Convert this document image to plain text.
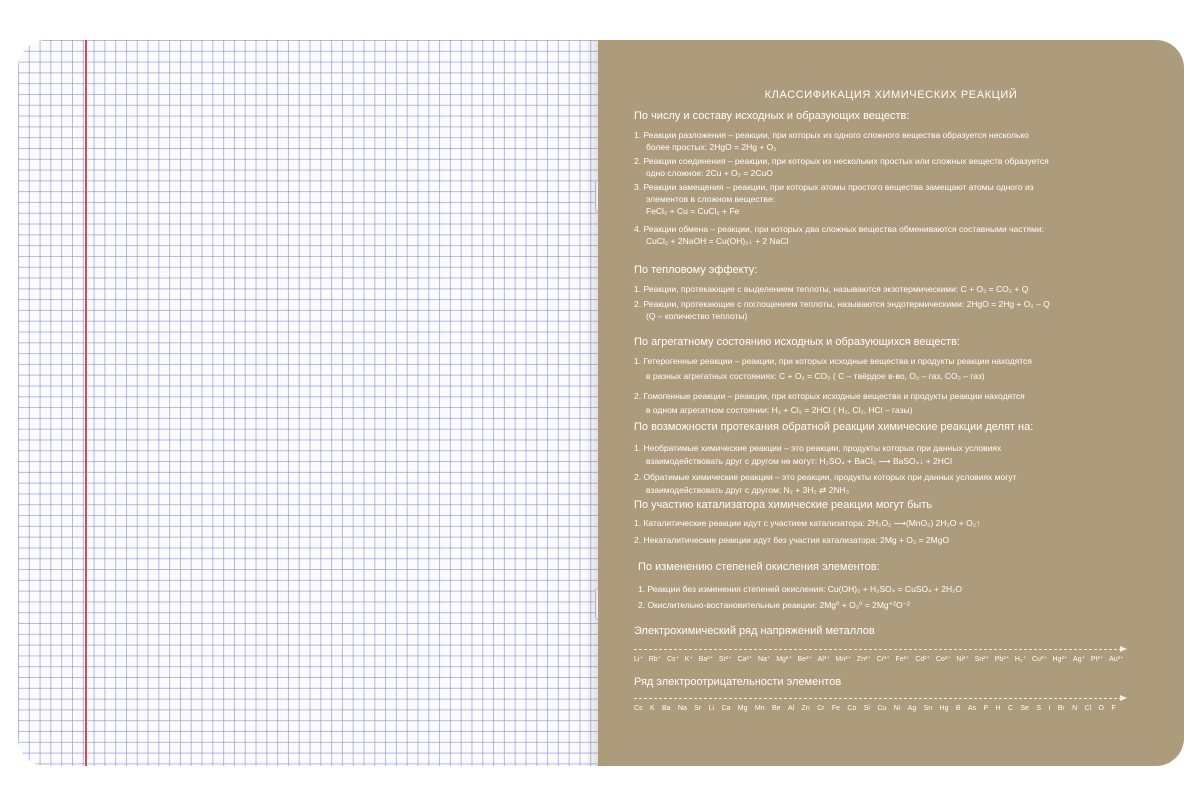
КЛАССИФИКАЦИЯ ХИМИЧЕСКИХ РЕАКЦИЙ
По числу и составу исходных и образующих веществ:
1. Реакции разложения – реакции, при которых из одного сложного вещества образуется несколько
более простых: 2HgO = 2Hg + O₂
2. Реакции соединения – реакции, при которых из нескольких простых или сложных веществ образуется
одно сложное: 2Cu + O₂ = 2CuO
3. Реакции замещения – реакции, при которых атомы простого вещества замещают атомы одного из
элементов в сложном веществе:
FeCl₂ + Cu = CuCl₂ + Fe
4. Реакции обмена – реакции, при которых два сложных вещества обмениваются составными частями:
CuCl₂ + 2NaOH = Cu(OH)₂↓ + 2 NaCl
По тепловому эффекту:
1. Реакции, протекающие с выделением теплоты, называются экзотермическими: C + O₂ = CO₂ + Q
2. Реакции, протекающие с поглощением теплоты, называются эндотермическими: 2HgO = 2Hg + O₂ – Q
(Q – количество теплоты)
По агрегатному состоянию исходных и образующихся веществ:
1. Гетерогенные реакции – реакции, при которых исходные вещества и продукты реакции находятся
в разных агрегатных состояниях: C + O₂ = CO₂ ( C – твёрдое в-во, O₂ – газ, CO₂ – газ)
2. Гомогенные реакции – реакции, при которых исходные вещества и продукты реакции находятся
в одном агрегатном состоянии: H₂ + Cl₂ = 2HCl ( H₂, Cl₂, HCl – газы)
По возможности протекания обратной реакции химические реакции делят на:
1. Необратимые химические реакции – это реакции, продукты которых при данных условиях
взаимодействовать друг с другом не могут: H₂SO₄ + BaCl₂ ⟶ BaSO₄↓ + 2HCl
2. Обратимые химические реакции – это реакции, продукты которых при данных условиях могут
взаимодействовать друг с другом: N₂ + 3H₂ ⇄ 2NH₃
По участию катализатора химические реакции могут быть
1. Каталитические реакции идут с участием катализатора: 2H₂O₂ ⟶(MnO₂) 2H₂O + O₂↑
2. Некаталитические реакции идут без участия катализатора: 2Mg + O₂ = 2MgO
По изменению степеней окисления элементов:
1. Реакции без изменения степеней окисления: Cu(OH)₂ + H₂SO₄ = CuSO₄ + 2H₂O
2. Окислительно-востановительные реакции: 2Mg⁰ + O₂⁰ = 2Mg⁺²O⁻²
Электрохимический ряд напряжений металлов
Li⁺ Rb⁺ Cs⁺ K⁺ Ba²⁺ Sr²⁺ Ca²⁺ Na⁺ Mg²⁺ Be²⁺ Al³⁺ Mn²⁺ Zn²⁺ Cr³⁺ Fe²⁺ Cd²⁺ Co²⁺ Ni²⁺ Sn²⁺ Pb²⁺ H₂⁺ Cu²⁺ Hg²⁺ Ag⁺ Pt²⁺ Au³⁺
Ряд электроотрицательности элементов
Cs K Ba Na Sr Li Ca Mg Mn Be Al Zn Cr Fe Co Si Cu Ni Ag Sn Hg B As P H C Se S I Br N Cl O F
